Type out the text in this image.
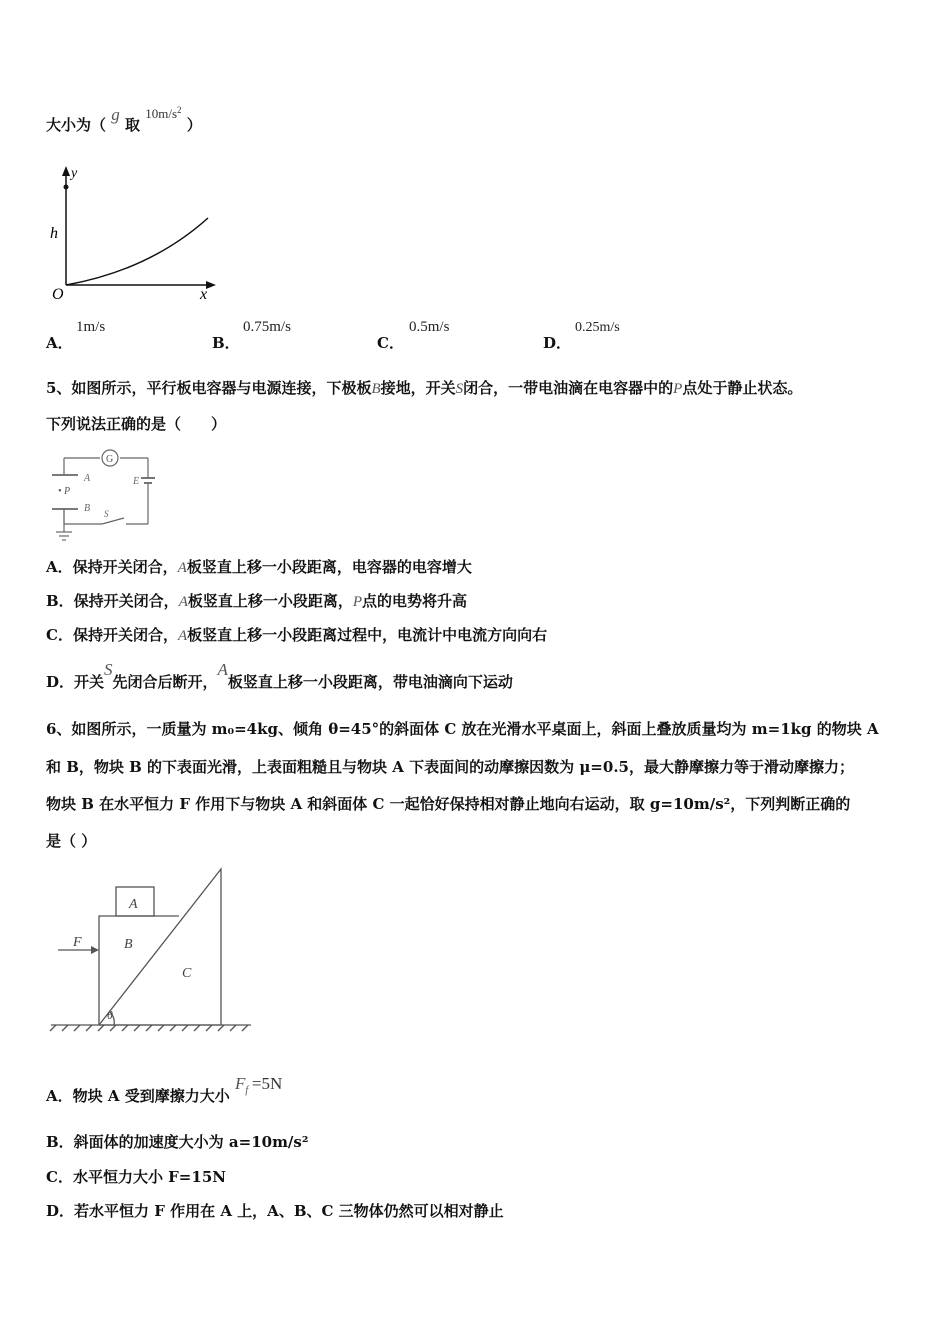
大小为（ g 取 $10m/s^2$ ）
y
h
O	x
A．
1m/s
B．
0.75m/s
C．
0.5m/s
D．
0.25m/s
5、如图所示，平行板电容器与电源连接，下极板B接地，开关S闭合，一带电油滴在电容器中的P点处于静止状态。
下列说法正确的是（　　）
G
A
• P
B
E
S
A．保持开关闭合，A板竖直上移一小段距离，电容器的电容增大
B．保持开关闭合，A板竖直上移一小段距离，P点的电势将升高
C．保持开关闭合，A板竖直上移一小段距离过程中，电流计中电流方向向右
D．开关S先闭合后断开，A板竖直上移一小段距离，带电油滴向下运动
6、如图所示，一质量为 m₀=4kg、倾角 θ=45°的斜面体 C 放在光滑水平桌面上，斜面上叠放质量均为 m=1kg 的物块 A
和 B，物块 B 的下表面光滑，上表面粗糙且与物块 A 下表面间的动摩擦因数为 μ=0.5，最大静摩擦力等于滑动摩擦力；
物块 B 在水平恒力 F 作用下与物块 A 和斜面体 C 一起恰好保持相对静止地向右运动，取 g=10m/s²，下列判断正确的
是（ ）
A
B
C
F
θ
A．物块 A 受到摩擦力大小 $F_f =5N$
B．斜面体的加速度大小为 a=10m/s²
C．水平恒力大小 F=15N
D．若水平恒力 F 作用在 A 上，A、B、C 三物体仍然可以相对静止
